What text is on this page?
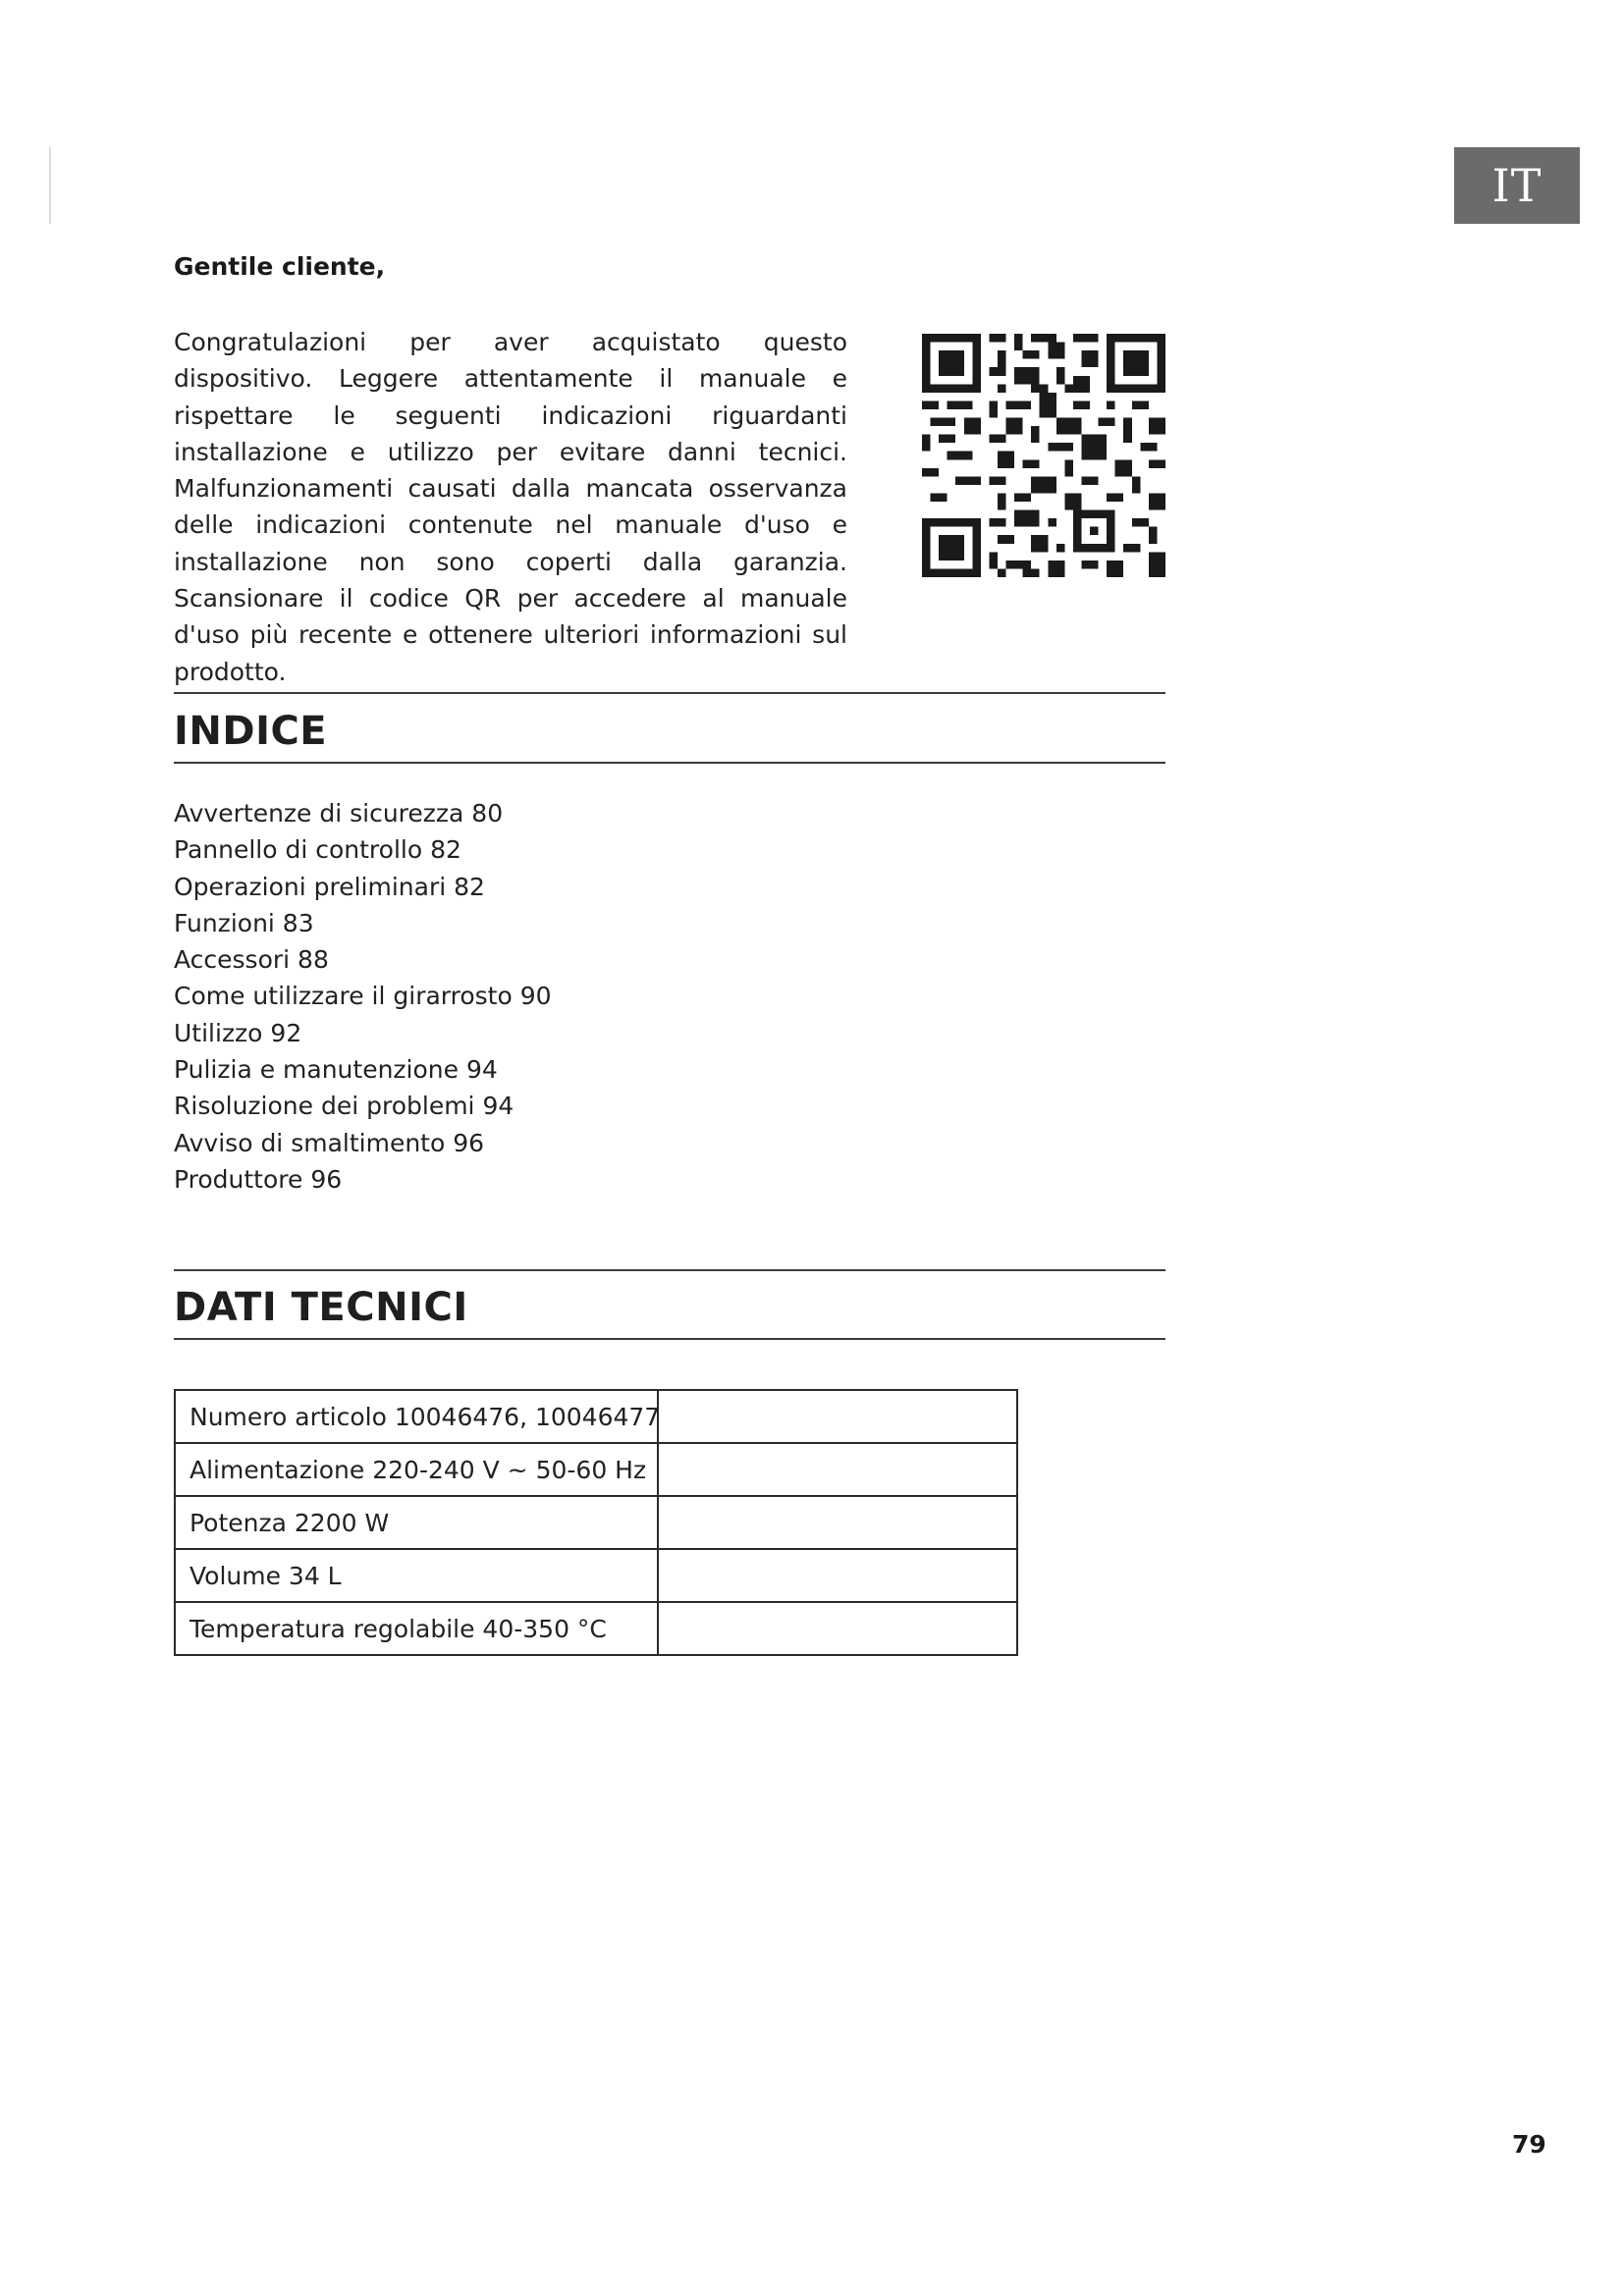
IT
Gentile cliente,

Congratulazioni per aver acquistato questo dispositivo. Leggere attentamente il manuale e rispettare le seguenti indicazioni riguardanti installazione e utilizzo per evitare danni tecnici. Malfunzionamenti causati dalla mancata osservanza delle indicazioni contenute nel manuale d'uso e installazione non sono coperti dalla garanzia. Scansionare il codice QR per accedere al manuale d'uso più recente e ottenere ulteriori informazioni sul prodotto.

INDICE
Avvertenze di sicurezza 80
Pannello di controllo 82
Operazioni preliminari 82
Funzioni 83
Accessori 88
Come utilizzare il girarrosto 90
Utilizzo 92
Pulizia e manutenzione 94
Risoluzione dei problemi 94
Avviso di smaltimento 96
Produttore 96
DATI TECNICI
Numero articolo 10046476, 10046477	
Alimentazione 220-240 V ~ 50-60 Hz	
Potenza 2200 W	
Volume 34 L	
Temperatura regolabile 40-350 °C	
79
